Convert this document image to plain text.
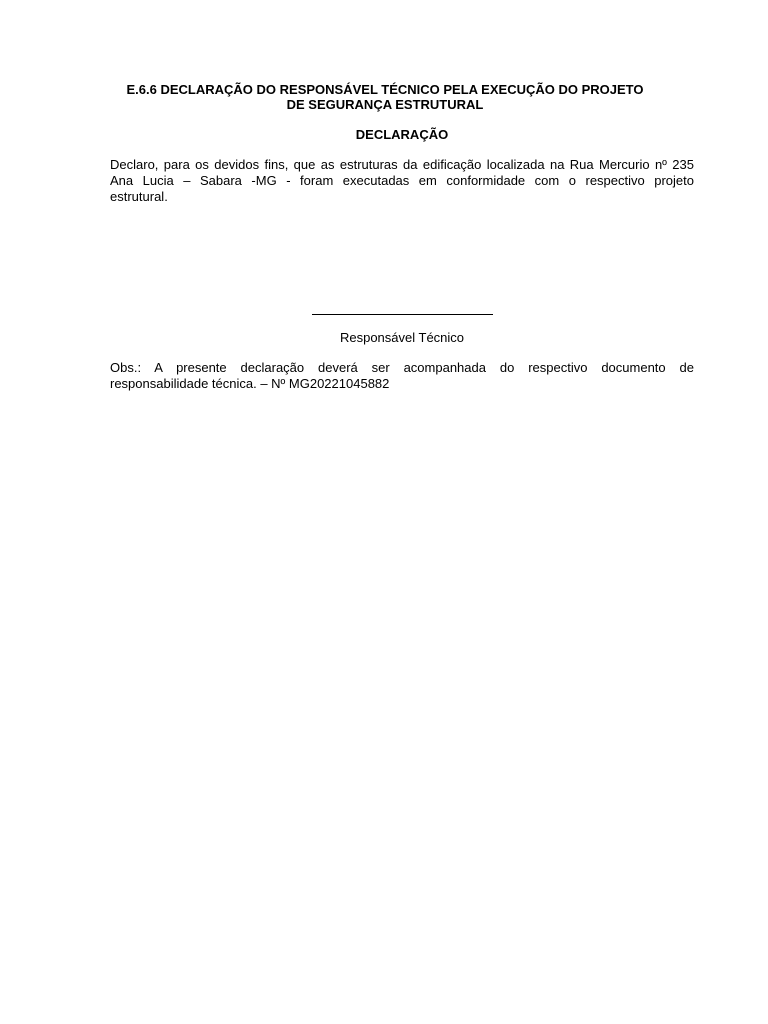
E.6.6 DECLARAÇÃO DO RESPONSÁVEL TÉCNICO PELA EXECUÇÃO DO PROJETO
DE SEGURANÇA ESTRUTURAL
DECLARAÇÃO

Declaro, para os devidos fins, que as estruturas da edificação localizada na Rua Mercurio nº 235
Ana Lucia – Sabara -MG - foram executadas em conformidade com o respectivo projeto
estrutural.

Responsável Técnico

Obs.: A presente declaração deverá ser acompanhada do respectivo documento de
responsabilidade técnica. – Nº MG20221045882
